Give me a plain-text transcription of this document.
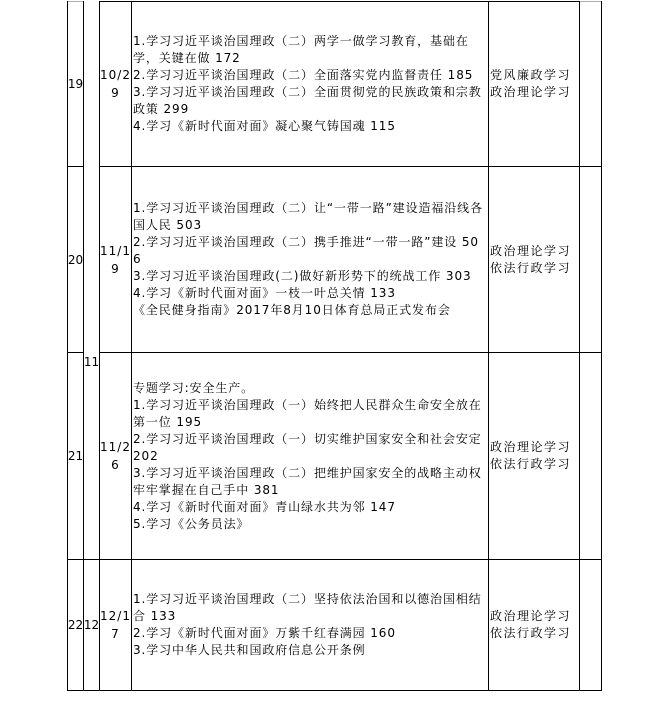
11
19
10/2
9
1.学习习近平谈治国理政（二）两学一做学习教育，基础在学，关键在做 172
2.学习习近平谈治国理政（二）全面落实党内监督责任 185
3.学习习近平谈治国理政（二）全面贯彻党的民族政策和宗教政策 299
4.学习《新时代面对面》凝心聚气铸国魂 115
党风廉政学习
政治理论学习
20
11/1
9
1.学习习近平谈治国理政（二）让“一带一路”建设造福沿线各国人民 503
2.学习习近平谈治国理政（二）携手推进“一带一路”建设 506
3.学习习近平谈治国理政(二)做好新形势下的统战工作 303
4.学习《新时代面对面》一枝一叶总关情 133
《全民健身指南》2017年8月10日体育总局正式发布会
政治理论学习
依法行政学习
21
11/2
6
专题学习:安全生产。
1.学习习近平谈治国理政（一）始终把人民群众生命安全放在第一位 195
2.学习习近平谈治国理政（一）切实维护国家安全和社会安定 202
3.学习习近平谈治国理政（二）把维护国家安全的战略主动权牢牢掌握在自己手中 381
4.学习《新时代面对面》青山绿水共为邻 147
5.学习《公务员法》
政治理论学习
依法行政学习
22 12
12/1
7
1.学习习近平谈治国理政（二）坚持依法治国和以德治国相结合 133
2.学习《新时代面对面》万紫千红春满园 160
3.学习中华人民共和国政府信息公开条例
政治理论学习
依法行政学习
